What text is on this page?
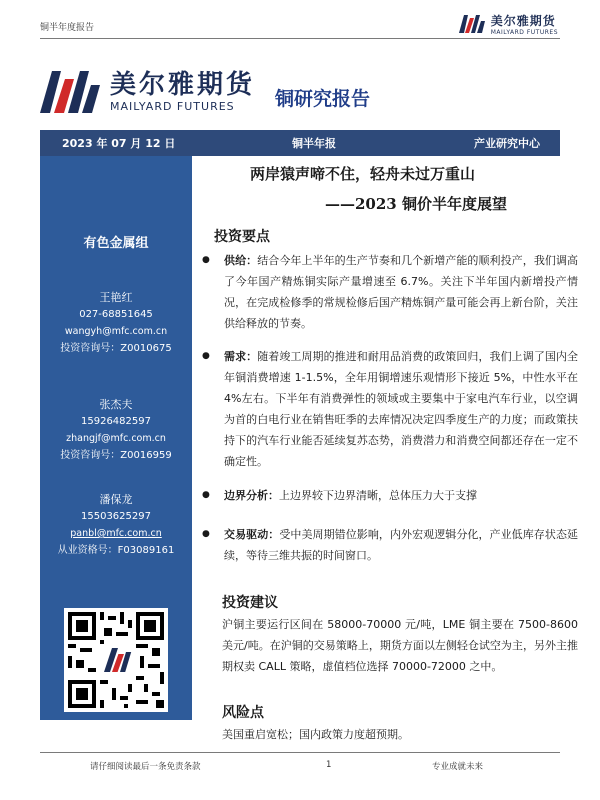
铜半年度报告	美尔雅期货
MAILYARD FUTURES
美尔雅期货
MAILYARD FUTURES	铜研究报告
2023 年 07 月 12 日	铜半年报	产业研究中心
有色金属组
王艳红
027-68851645
wangyh@mfc.com.cn
投资咨询号：Z0010675
张杰夫
15926482597
zhangjf@mfc.com.cn
投资咨询号：Z0016959
潘保龙
15503625297
panbl@mfc.com.cn
从业资格号：F03089161
两岸猿声啼不住，轻舟未过万重山
——2023 铜价半年度展望
投资要点
●	供给：结合今年上半年的生产节奏和几个新增产能的顺利投产，我们调高了今年国产精炼铜实际产量增速至 6.7%。关注下半年国内新增投产情况，在完成检修季的常规检修后国产精炼铜产量可能会再上新台阶，关注供给释放的节奏。
●	需求：随着竣工周期的推进和耐用品消费的政策回归，我们上调了国内全年铜消费增速 1-1.5%，全年用铜增速乐观情形下接近 5%，中性水平在 4%左右。下半年有消费弹性的领域或主要集中于家电汽车行业，以空调为首的白电行业在销售旺季的去库情况决定四季度生产的力度；而政策扶持下的汽车行业能否延续复苏态势，消费潜力和消费空间都还存在一定不确定性。
●	边界分析：上边界较下边界清晰，总体压力大于支撑
●	交易驱动：受中美周期错位影响，内外宏观逻辑分化，产业低库存状态延续，等待三维共振的时间窗口。
投资建议
沪铜主要运行区间在 58000-70000 元/吨，LME 铜主要在 7500-8600 美元/吨。在沪铜的交易策略上，期货方面以左侧轻仓试空为主，另外主推期权卖 CALL 策略，虚值档位选择 70000-72000 之中。
风险点
美国重启宽松；国内政策力度超预期。
请仔细阅读最后一条免责条款	1	专业成就未来
